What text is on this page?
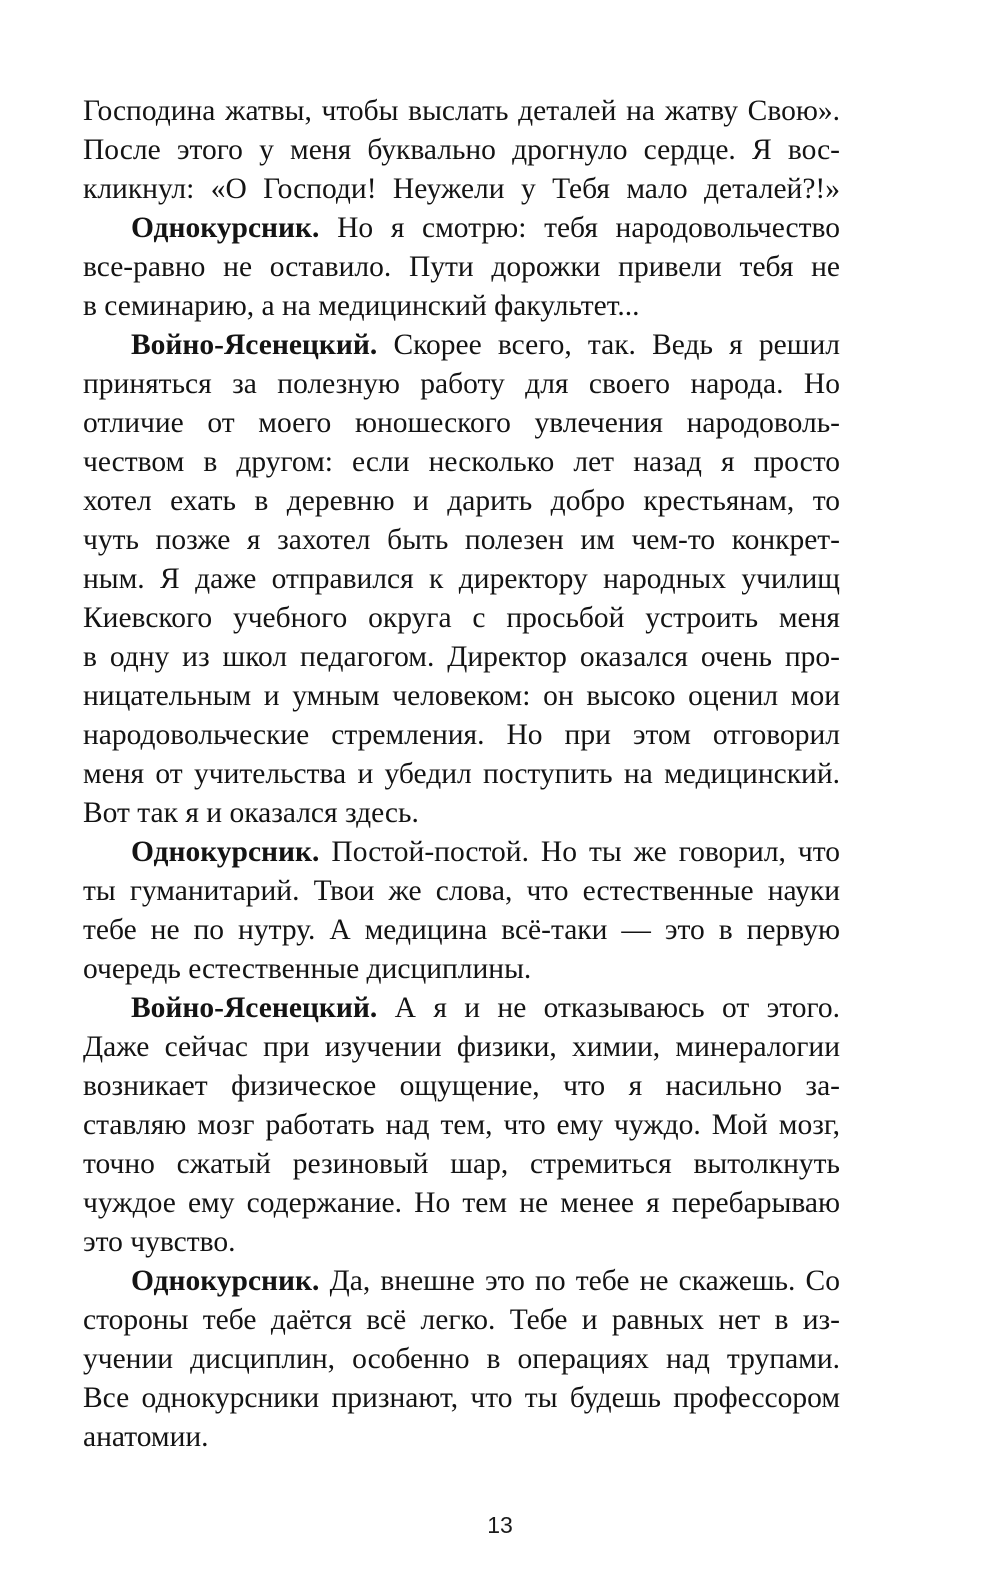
Господина жатвы, чтобы выслать деталей на жатву Свою».
После этого у меня буквально дрогнуло сердце. Я вос-
кликнул: «О Господи! Неужели у Тебя мало деталей?!»
Однокурсник. Но я смотрю: тебя народовольчество
все-равно не оставило. Пути дорожки привели тебя не
в семинарию, а на медицинский факультет...
Войно-Ясенецкий. Скорее всего, так. Ведь я решил
приняться за полезную работу для своего народа. Но
отличие от моего юношеского увлечения народоволь-
чеством в другом: если несколько лет назад я просто
хотел ехать в деревню и дарить добро крестьянам, то
чуть позже я захотел быть полезен им чем-то конкрет-
ным. Я даже отправился к директору народных училищ
Киевского учебного округа с просьбой устроить меня
в одну из школ педагогом. Директор оказался очень про-
ницательным и умным человеком: он высоко оценил мои
народовольческие стремления. Но при этом отговорил
меня от учительства и убедил поступить на медицинский.
Вот так я и оказался здесь.
Однокурсник. Постой-постой. Но ты же говорил, что
ты гуманитарий. Твои же слова, что естественные науки
тебе не по нутру. А медицина всё-таки — это в первую
очередь естественные дисциплины.
Войно-Ясенецкий. А я и не отказываюсь от этого.
Даже сейчас при изучении физики, химии, минералогии
возникает физическое ощущение, что я насильно за-
ставляю мозг работать над тем, что ему чуждо. Мой мозг,
точно сжатый резиновый шар, стремиться вытолкнуть
чуждое ему содержание. Но тем не менее я перебарываю
это чувство.
Однокурсник. Да, внешне это по тебе не скажешь. Со
стороны тебе даётся всё легко. Тебе и равных нет в из-
учении дисциплин, особенно в операциях над трупами.
Все однокурсники признают, что ты будешь профессором
анатомии.
13
